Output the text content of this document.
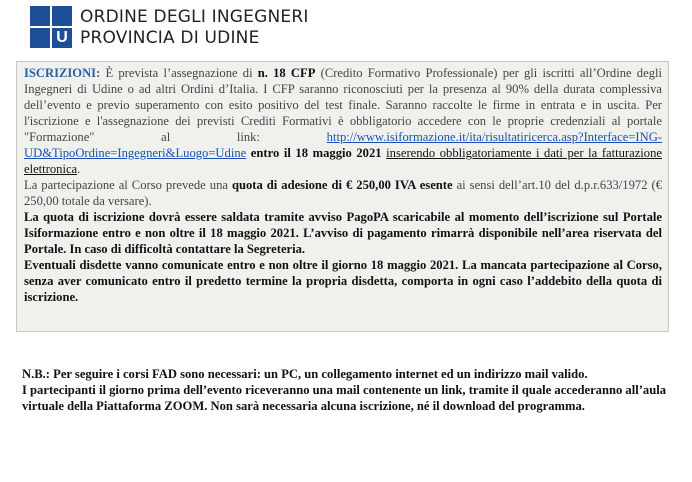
U
ORDINE DEGLI INGEGNERI
PROVINCIA DI UDINE

ISCRIZIONI: È prevista l’assegnazione di n. 18 CFP (Credito Formativo Professionale) per gli iscritti all’Ordine degli Ingegneri di Udine o ad altri Ordini d’Italia. I CFP saranno riconosciuti per la presenza al 90% della durata complessiva dell’evento e previo superamento con esito positivo del test finale. Saranno raccolte le firme in entrata e in uscita. Per l'iscrizione e l'assegnazione dei previsti Crediti Formativi è obbligatorio accedere con le proprie credenziali al portale "Formazione" al link: http://www.isiformazione.it/ita/risultatiricerca.asp?Interface=ING-UD&TipoOrdine=Ingegneri&Luogo=Udine entro il 18 maggio 2021 inserendo obbligatoriamente i dati per la fatturazione elettronica.

La partecipazione al Corso prevede una quota di adesione di € 250,00 IVA esente ai sensi dell’art.10 del d.p.r.633/1972 (€ 250,00 totale da versare).

La quota di iscrizione dovrà essere saldata tramite avviso PagoPA scaricabile al momento dell’iscrizione sul Portale Isiformazione entro e non oltre il 18 maggio 2021. L’avviso di pagamento rimarrà disponibile nell’area riservata del Portale. In caso di difficoltà contattare la Segreteria.

Eventuali disdette vanno comunicate entro e non oltre il giorno 18 maggio 2021. La mancata partecipazione al Corso, senza aver comunicato entro il predetto termine la propria disdetta, comporta in ogni caso l’addebito della quota di iscrizione.

N.B.: Per seguire i corsi FAD sono necessari: un PC, un collegamento internet ed un indirizzo mail valido.

I partecipanti il giorno prima dell’evento riceveranno una mail contenente un link, tramite il quale accederanno all’aula virtuale della Piattaforma ZOOM. Non sarà necessaria alcuna iscrizione, né il download del programma.
